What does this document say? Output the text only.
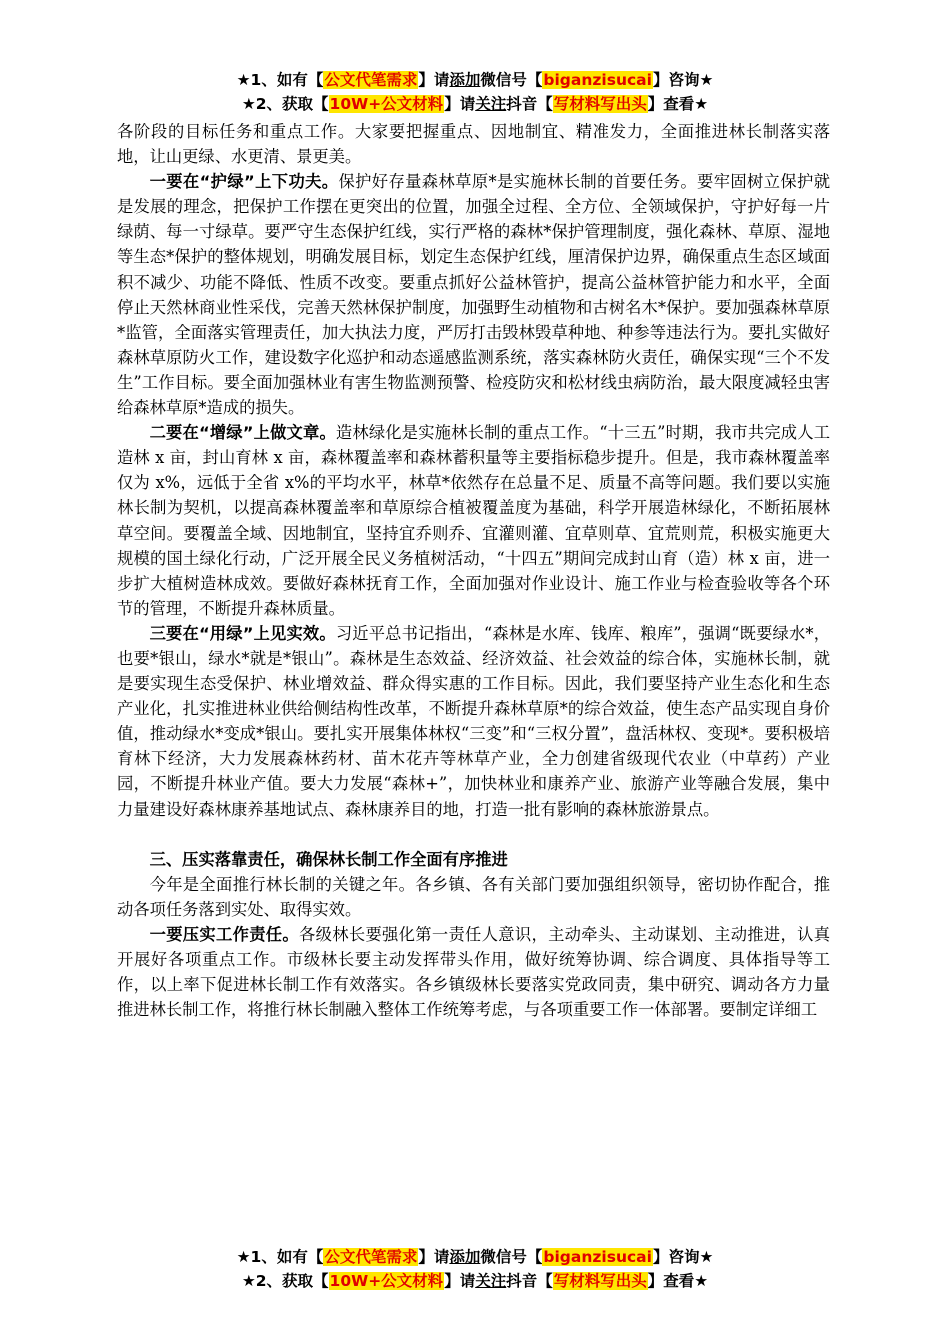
★1、如有【公文代笔需求】请添加微信号【biganzisucai】咨询★
★2、获取【10W+公文材料】请关注抖音【写材料写出头】查看★

各阶段的目标任务和重点工作。大家要把握重点、因地制宜、精准发力，全面推进林长制落实落地，让山更绿、水更清、景更美。

一要在“护绿”上下功夫。保护好存量森林草原*是实施林长制的首要任务。要牢固树立保护就是发展的理念，把保护工作摆在更突出的位置，加强全过程、全方位、全领域保护，守护好每一片绿荫、每一寸绿草。要严守生态保护红线，实行严格的森林*保护管理制度，强化森林、草原、湿地等生态*保护的整体规划，明确发展目标，划定生态保护红线，厘清保护边界，确保重点生态区域面积不减少、功能不降低、性质不改变。要重点抓好公益林管护，提高公益林管护能力和水平，全面停止天然林商业性采伐，完善天然林保护制度，加强野生动植物和古树名木*保护。要加强森林草原*监管，全面落实管理责任，加大执法力度，严厉打击毁林毁草种地、种参等违法行为。要扎实做好森林草原防火工作，建设数字化巡护和动态遥感监测系统，落实森林防火责任，确保实现“三个不发生”工作目标。要全面加强林业有害生物监测预警、检疫防灾和松材线虫病防治，最大限度减轻虫害给森林草原*造成的损失。

二要在“增绿”上做文章。造林绿化是实施林长制的重点工作。“十三五”时期，我市共完成人工造林 x 亩，封山育林 x 亩，森林覆盖率和森林蓄积量等主要指标稳步提升。但是，我市森林覆盖率仅为 x%，远低于全省 x%的平均水平，林草*依然存在总量不足、质量不高等问题。我们要以实施林长制为契机，以提高森林覆盖率和草原综合植被覆盖度为基础，科学开展造林绿化，不断拓展林草空间。要覆盖全域、因地制宜，坚持宜乔则乔、宜灌则灌、宜草则草、宜荒则荒，积极实施更大规模的国土绿化行动，广泛开展全民义务植树活动，“十四五”期间完成封山育（造）林 x 亩，进一步扩大植树造林成效。要做好森林抚育工作，全面加强对作业设计、施工作业与检查验收等各个环节的管理，不断提升森林质量。

三要在“用绿”上见实效。习近平总书记指出，“森林是水库、钱库、粮库”，强调“既要绿水*，也要*银山，绿水*就是*银山”。森林是生态效益、经济效益、社会效益的综合体，实施林长制，就是要实现生态受保护、林业增效益、群众得实惠的工作目标。因此，我们要坚持产业生态化和生态产业化，扎实推进林业供给侧结构性改革，不断提升森林草原*的综合效益，使生态产品实现自身价值，推动绿水*变成*银山。要扎实开展集体林权“三变”和“三权分置”，盘活林权、变现*。要积极培育林下经济，大力发展森林药材、苗木花卉等林草产业，全力创建省级现代农业（中草药）产业园，不断提升林业产值。要大力发展“森林+”，加快林业和康养产业、旅游产业等融合发展，集中力量建设好森林康养基地试点、森林康养目的地，打造一批有影响的森林旅游景点。

三、压实落靠责任，确保林长制工作全面有序推进

今年是全面推行林长制的关键之年。各乡镇、各有关部门要加强组织领导，密切协作配合，推动各项任务落到实处、取得实效。

一要压实工作责任。各级林长要强化第一责任人意识，主动牵头、主动谋划、主动推进，认真开展好各项重点工作。市级林长要主动发挥带头作用，做好统筹协调、综合调度、具体指导等工作，以上率下促进林长制工作有效落实。各乡镇级林长要落实党政同责，集中研究、调动各方力量推进林长制工作，将推行林长制融入整体工作统筹考虑，与各项重要工作一体部署。要制定详细工

★1、如有【公文代笔需求】请添加微信号【biganzisucai】咨询★
★2、获取【10W+公文材料】请关注抖音【写材料写出头】查看★
